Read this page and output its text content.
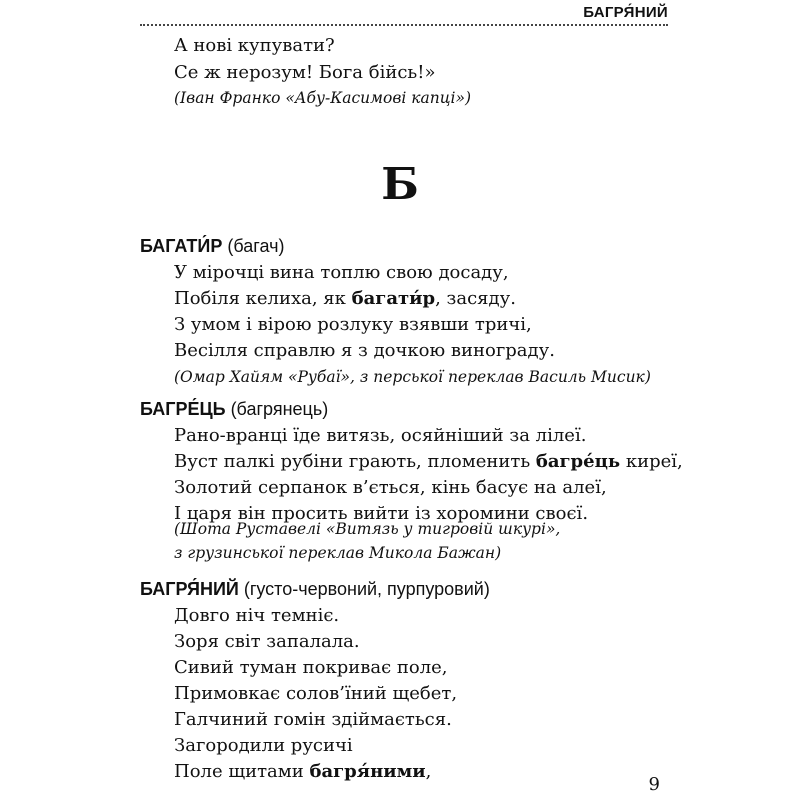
БАГРЯ́НИЙ

А нові купувати?

Се ж нерозум! Бога бійсь!»

(Іван Франко «Абу-Касимові капці»)

Б

БАГАТИ́Р (багач)

У мірочці вина топлю свою досаду,

Побіля келиха, як багати́р, засяду.

З умом і вірою розлуку взявши тричі,

Весілля справлю я з дочкою винограду.

(Омар Хайям «Рубаї», з перської переклав Василь Мисик)

БАГРЕ́ЦЬ (багрянець)

Рано-вранці їде витязь, осяйніший за лілеї.

Вуст палкі рубіни грають, пломенить багре́ць киреї,

Золотий серпанок в’ється, кінь басує на алеї,

І царя він просить вийти із хоромини своєї.

(Шота Руставелі «Витязь у тигровій шкурі»,

з грузинської переклав Микола Бажан)

БАГРЯ́НИЙ (густо-червоний, пурпуровий)

Довго ніч темніє.

Зоря світ запалала.

Сивий туман покриває поле,

Примовкає солов’їний щебет,

Галчиний гомін здіймається.

Загородили русичі

Поле щитами багря́ними,

9
